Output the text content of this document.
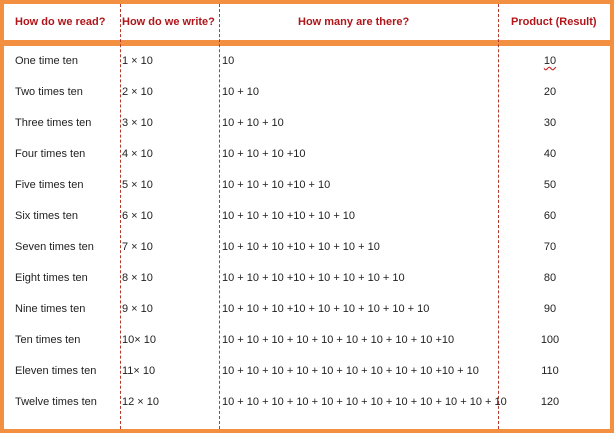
How do we read? How do we write?	How many are there?	Product (Result)
One time ten	1 × 10	10	10
Two times ten	2 × 10	10 + 10	20
Three times ten	3 × 10	10 + 10 + 10	30
Four times ten	4 × 10	10 + 10 + 10 +10	40
Five times ten	5 × 10	10 + 10 + 10 +10 + 10	50
Six times ten	6 × 10	10 + 10 + 10 +10 + 10 + 10	60
Seven times ten	7 × 10	10 + 10 + 10 +10 + 10 + 10 + 10	70
Eight times ten	8 × 10	10 + 10 + 10 +10 + 10 + 10 + 10 + 10	80
Nine times ten	9 × 10	10 + 10 + 10 +10 + 10 + 10 + 10 + 10 + 10	90
Ten times ten	10× 10	10 + 10 + 10 + 10 + 10 + 10 + 10 + 10 + 10 +10	100
Eleven times ten 11× 10	10 + 10 + 10 + 10 + 10 + 10 + 10 + 10 + 10 +10 + 10	110
Twelve times ten 12 × 10	10 + 10 + 10 + 10 + 10 + 10 + 10 + 10 + 10 + 10 + 10 + 10	120
